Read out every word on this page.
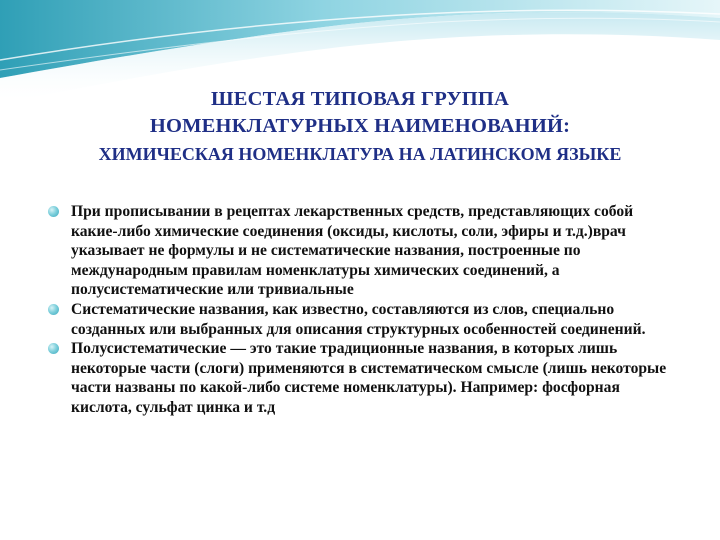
ШЕСТАЯ ТИПОВАЯ ГРУППА
НОМЕНКЛАТУРНЫХ НАИМЕНОВАНИЙ:
ХИМИЧЕСКАЯ НОМЕНКЛАТУРА НА ЛАТИНСКОМ ЯЗЫКЕ
При прописывании в рецептах лекарственных средств, представляющих собой какие-либо химические соединения (оксиды, кислоты, соли, эфиры и т.д.)врач указывает не формулы и не систематические названия, построенные по международным правилам номенклатуры химических соединений, а полусистематические или тривиальные
Систематические названия, как известно, составляются из слов, специально созданных или выбранных для описания структурных особенностей соединений.
Полусистематические — это такие традиционные названия, в которых лишь некоторые части (слоги) применяются в систематическом смысле (лишь некоторые части названы по какой-либо системе номенклатуры). Например: фосфорная кислота, сульфат цинка и т.д
